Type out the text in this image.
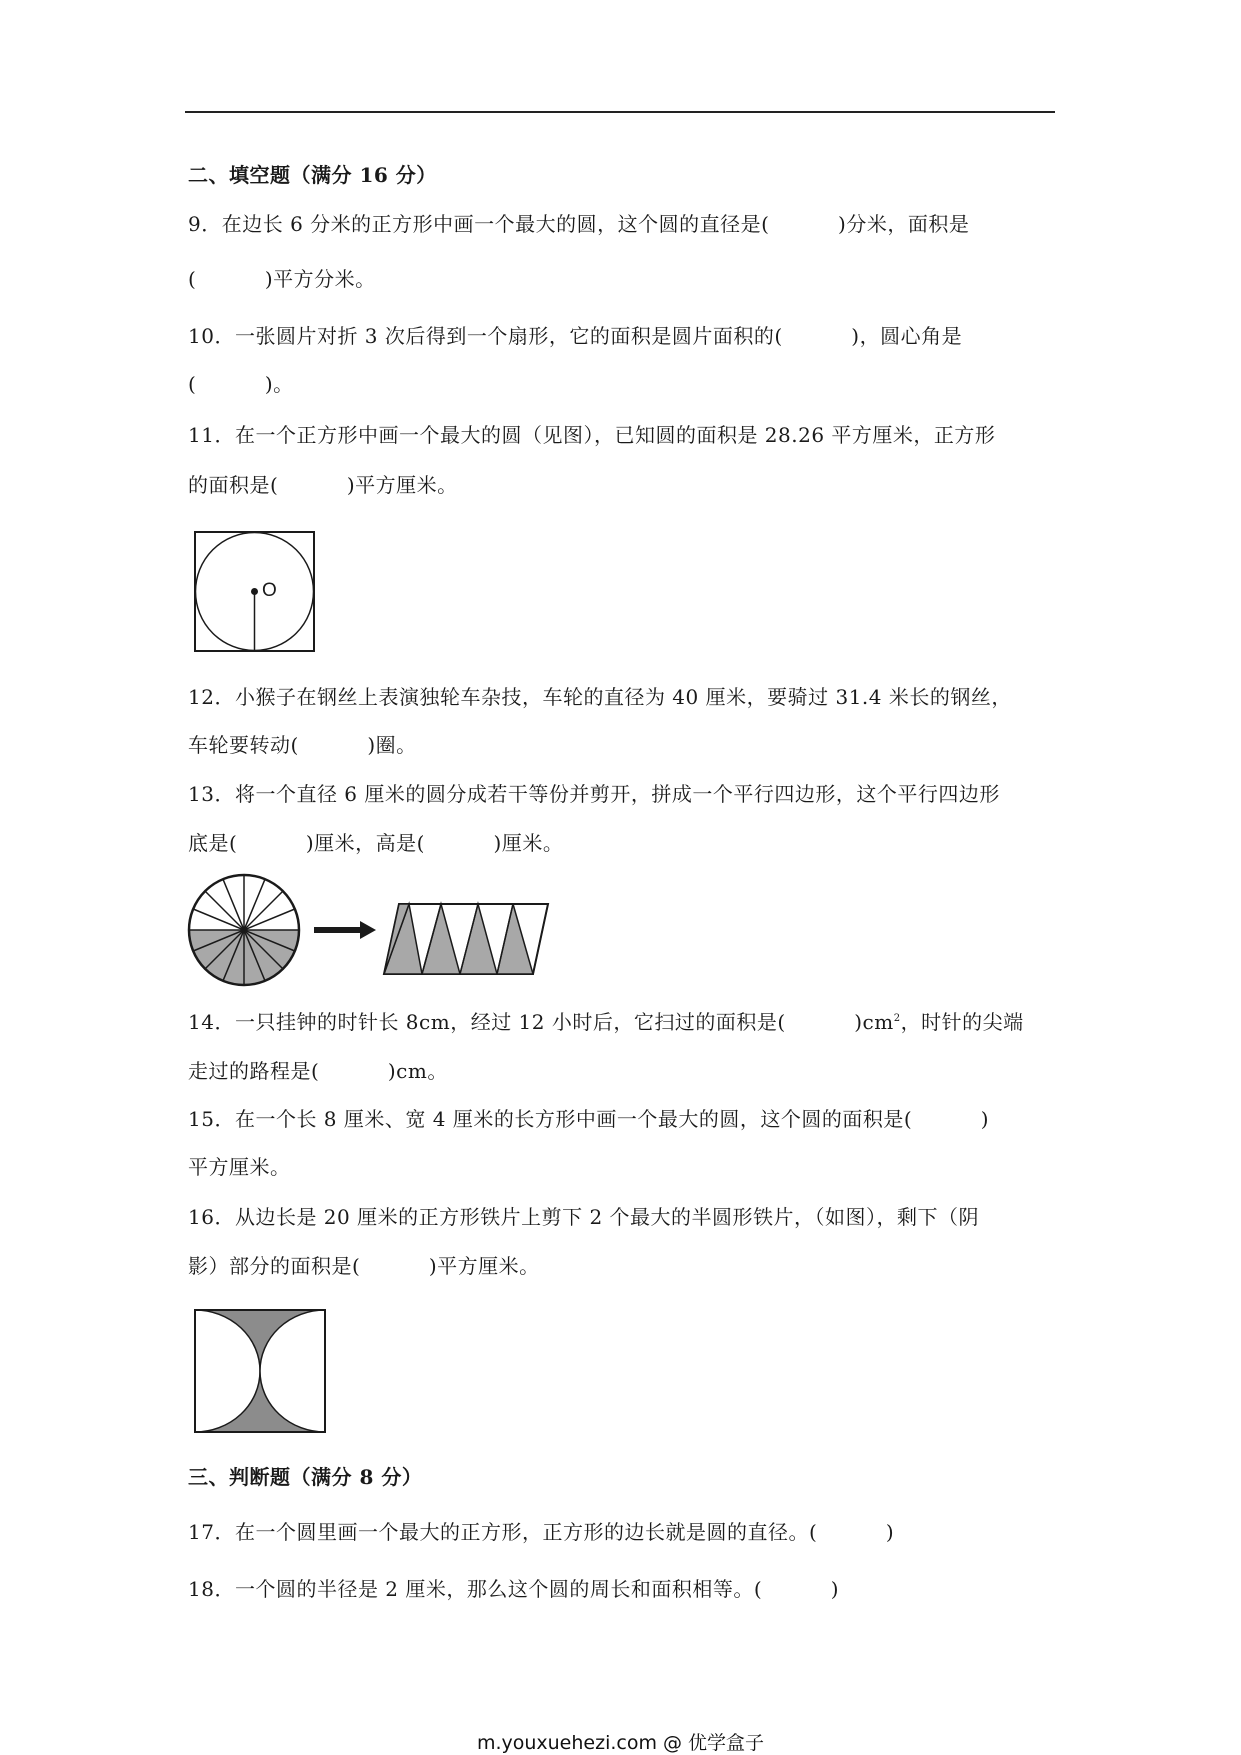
二、填空题（满分 16 分）
9．在边长 6 分米的正方形中画一个最大的圆，这个圆的直径是(          )分米，面积是
(          )平方分米。
10．一张圆片对折 3 次后得到一个扇形，它的面积是圆片面积的(          )，圆心角是
(          )。
11．在一个正方形中画一个最大的圆（见图），已知圆的面积是 28.26 平方厘米，正方形
的面积是(          )平方厘米。
O
12．小猴子在钢丝上表演独轮车杂技，车轮的直径为 40 厘米，要骑过 31.4 米长的钢丝，
车轮要转动(          )圈。
13．将一个直径 6 厘米的圆分成若干等份并剪开，拼成一个平行四边形，这个平行四边形
底是(          )厘米，高是(          )厘米。
14．一只挂钟的时针长 8cm，经过 12 小时后，它扫过的面积是(          )$cm^2$，时针的尖端
走过的路程是(          )cm。
15．在一个长 8 厘米、宽 4 厘米的长方形中画一个最大的圆，这个圆的面积是(          )
平方厘米。
16．从边长是 20 厘米的正方形铁片上剪下 2 个最大的半圆形铁片，（如图），剩下（阴
影）部分的面积是(          )平方厘米。
三、判断题（满分 8 分）
17．在一个圆里画一个最大的正方形，正方形的边长就是圆的直径。(          )
18．一个圆的半径是 2 厘米，那么这个圆的周长和面积相等。(          )
m.youxuehezi.com @ 优学盒子
